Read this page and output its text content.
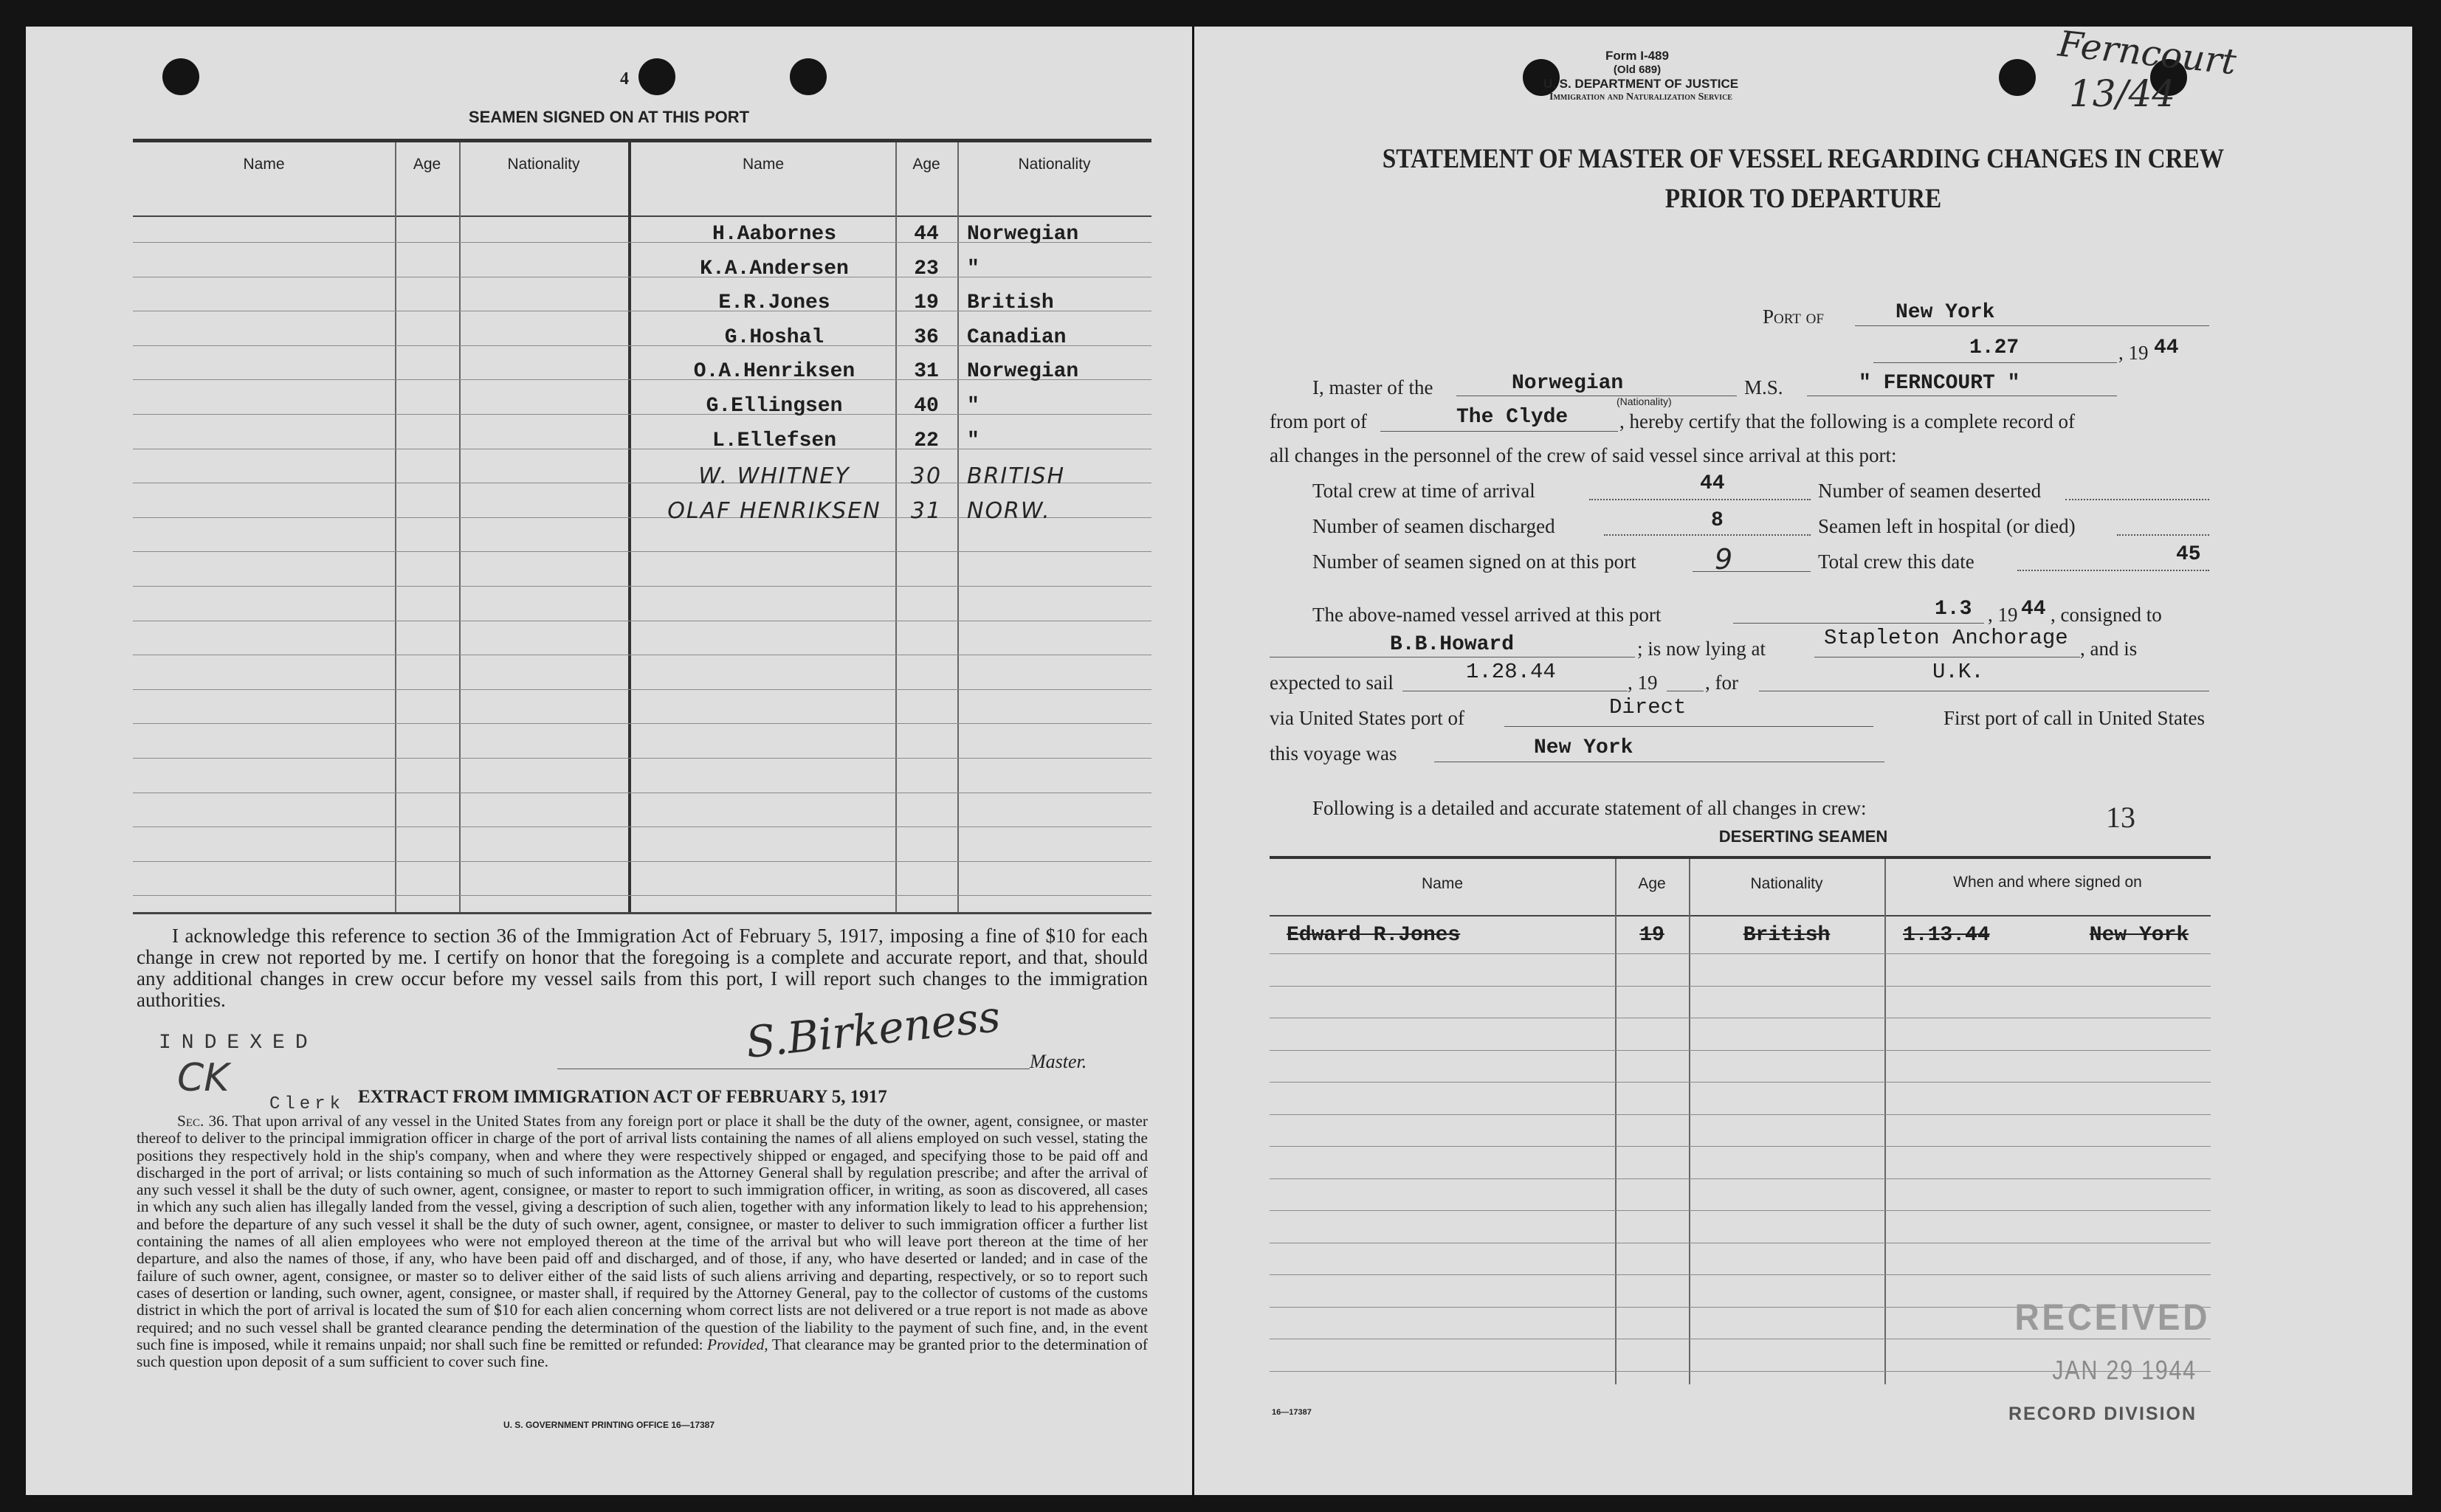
4
SEAMEN SIGNED ON AT THIS PORT
Name	Age	Nationality	Name	Age	Nationality
H.Aabornes	44	Norwegian
K.A.Andersen	23	"
E.R.Jones	19	British
G.Hoshal	36	Canadian
O.A.Henriksen	31	Norwegian
G.Ellingsen	40	"
L.Ellefsen	22	"
W. WHITNEY	30	BRITISH
OLAF HENRIKSEN	31	NORW.
I acknowledge this reference to section 36 of the Immigration Act of February 5, 1917, imposing a fine of $10 for each change in crew not reported by me. I certify on honor that the foregoing is a complete and accurate report, and that, should any additional changes in crew occur before my vessel sails from this port, I will report such changes to the immigration authorities.	S.Birkeness Master.
INDEXED
CK
Clerk EXTRACT FROM IMMIGRATION ACT OF FEBRUARY 5, 1917
Sec. 36. That upon arrival of any vessel in the United States from any foreign port or place it shall be the duty of the owner, agent, consignee, or master thereof to deliver to the principal immigration officer in charge of the port of arrival lists containing the names of all aliens employed on such vessel, stating the positions they respectively hold in the ship's company, when and where they were respectively shipped or engaged, and specifying those to be paid off and discharged in the port of arrival; or lists containing so much of such information as the Attorney General shall by regulation prescribe; and after the arrival of any such vessel it shall be the duty of such owner, agent, consignee, or master to report to such immigration officer, in writing, as soon as discovered, all cases in which any such alien has illegally landed from the vessel, giving a description of such alien, together with any information likely to lead to his apprehension; and before the departure of any such vessel it shall be the duty of such owner, agent, consignee, or master to deliver to such immigration officer a further list containing the names of all alien employees who were not employed thereon at the time of the arrival but who will leave port thereon at the time of her departure, and also the names of those, if any, who have been paid off and discharged, and of those, if any, who have deserted or landed; and in case of the failure of such owner, agent, consignee, or master so to deliver either of the said lists of such aliens arriving and departing, respectively, or so to report such cases of desertion or landing, such owner, agent, consignee, or master shall, if required by the Attorney General, pay to the collector of customs of the customs district in which the port of arrival is located the sum of $10 for each alien concerning whom correct lists are not delivered or a true report is not made as above required; and no such vessel shall be granted clearance pending the determination of the question of the liability to the payment of such fine, and, in the event such fine is imposed, while it remains unpaid; nor shall such fine be remitted or refunded: Provided, That clearance may be granted prior to the determination of such question upon deposit of a sum sufficient to cover such fine.
U. S. GOVERNMENT PRINTING OFFICE 16—17387
Form I-489
(Old 689)
U. S. DEPARTMENT OF JUSTICE
Immigration and Naturalization Service
Ferncourt
13/44
STATEMENT OF MASTER OF VESSEL REGARDING CHANGES IN CREW
PRIOR TO DEPARTURE
Port of	New York
1.27	, 19 44
I, master of the	Norwegian
(Nationality)
M.S.	" FERNCOURT "
from port of	The Clyde	, hereby certify that the following is a complete record of
all changes in the personnel of the crew of said vessel since arrival at this port:
Total crew at time of arrival	44	Number of seamen deserted
Number of seamen discharged	8	Seamen left in hospital (or died)
Number of seamen signed on at this port	9	Total crew this date	45
The above-named vessel arrived at this port	1.3 , 19 44 , consigned to
B.B.Howard	; is now lying at	Stapleton Anchorage , and is
expected to sail	1.28.44	, 19 , for	U.K.
via United States port of	Direct	First port of call in United States
this voyage was	New York
Following is a detailed and accurate statement of all changes in crew:	13
DESERTING SEAMEN
Name	Age	Nationality	When and where signed on
Edward R.Jones	19	British	1.13.44	New York
RECEIVED
JAN 29 1944
RECORD DIVISION
16—17387
